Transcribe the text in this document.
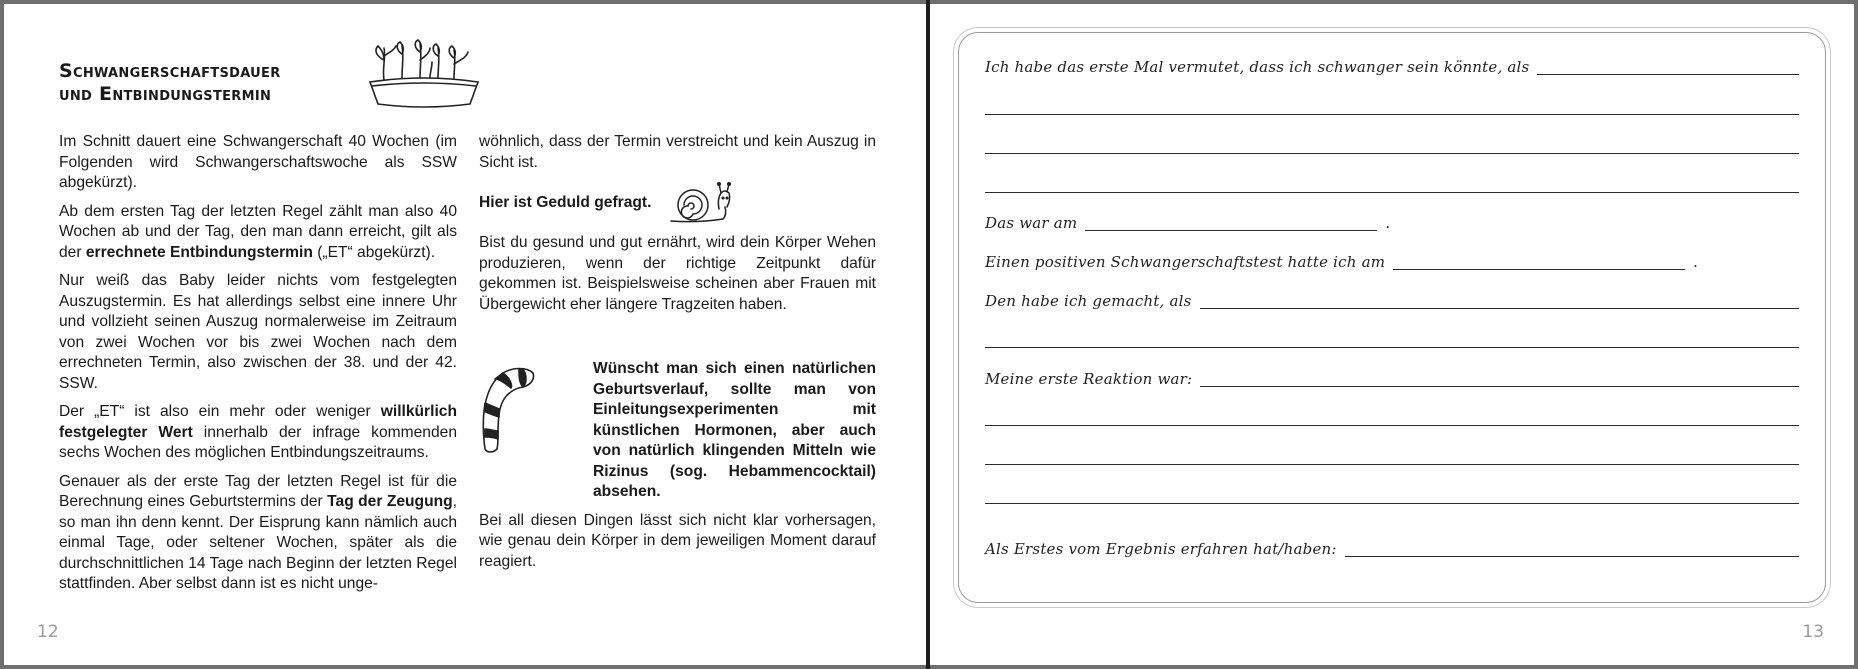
Schwangerschaftsdauer
und Entbindungstermin

Im Schnitt dauert eine Schwangerschaft 40 Wochen (im Folgenden wird Schwangerschaftswoche als SSW abgekürzt).

Ab dem ersten Tag der letzten Regel zählt man also 40 Wochen ab und der Tag, den man dann erreicht, gilt als der errechnete Entbindungstermin („ET“ abgekürzt).

Nur weiß das Baby leider nichts vom festgelegten Auszugstermin. Es hat allerdings selbst eine innere Uhr und vollzieht seinen Auszug normalerweise im Zeitraum von zwei Wochen vor bis zwei Wochen nach dem errechneten Termin, also zwischen der 38. und der 42. SSW.

Der „ET“ ist also ein mehr oder weniger willkürlich festgelegter Wert innerhalb der infrage kommenden sechs Wochen des möglichen Entbindungszeitraums.

Genauer als der erste Tag der letzten Regel ist für die Berechnung eines Geburtstermins der Tag der Zeugung, so man ihn denn kennt. Der Eisprung kann nämlich auch einmal Tage, oder seltener Wochen, später als die durchschnittlichen 14 Tage nach Beginn der letzten Regel stattfinden. Aber selbst dann ist es nicht unge-

wöhnlich, dass der Termin verstreicht und kein Auszug in Sicht ist.

Hier ist Geduld gefragt.

Bist du gesund und gut ernährt, wird dein Körper Wehen produzieren, wenn der richtige Zeitpunkt dafür gekommen ist. Beispielsweise scheinen aber Frauen mit Übergewicht eher längere Tragzeiten haben.

Wünscht man sich einen natürlichen Geburtsverlauf, sollte man von Einleitungsexperimenten mit künstlichen Hormonen, aber auch von natürlich klingenden Mitteln wie Rizinus (sog. Hebammencocktail) absehen.

Bei all diesen Dingen lässt sich nicht klar vorhersagen, wie genau dein Körper in dem jeweiligen Moment darauf reagiert.

12
Ich habe das erste Mal vermutet, dass ich schwanger sein könnte, als
Das war am	.
Einen positiven Schwangerschaftstest hatte ich am	.
Den habe ich gemacht, als
Meine erste Reaktion war:
Als Erstes vom Ergebnis erfahren hat/haben:
13
